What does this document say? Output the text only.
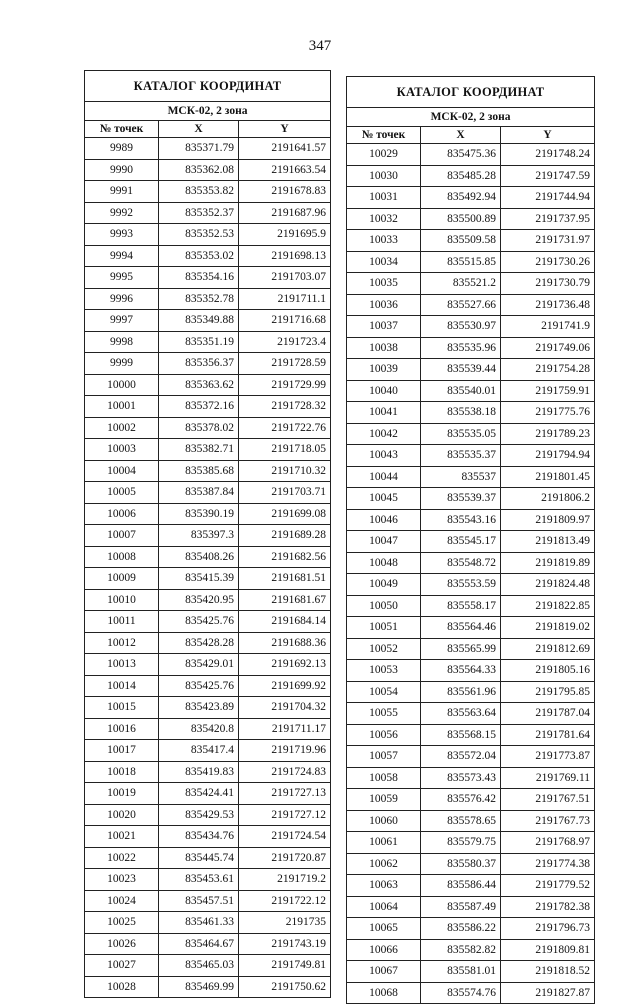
347
КАТАЛОГ КООРДИНАТ		
МСК-02, 2 зона		
№ точек	X	Y
9989	835371.79	2191641.57
9990	835362.08	2191663.54
9991	835353.82	2191678.83
9992	835352.37	2191687.96
9993	835352.53	2191695.9
9994	835353.02	2191698.13
9995	835354.16	2191703.07
9996	835352.78	2191711.1
9997	835349.88	2191716.68
9998	835351.19	2191723.4
9999	835356.37	2191728.59
10000	835363.62	2191729.99
10001	835372.16	2191728.32
10002	835378.02	2191722.76
10003	835382.71	2191718.05
10004	835385.68	2191710.32
10005	835387.84	2191703.71
10006	835390.19	2191699.08
10007	835397.3	2191689.28
10008	835408.26	2191682.56
10009	835415.39	2191681.51
10010	835420.95	2191681.67
10011	835425.76	2191684.14
10012	835428.28	2191688.36
10013	835429.01	2191692.13
10014	835425.76	2191699.92
10015	835423.89	2191704.32
10016	835420.8	2191711.17
10017	835417.4	2191719.96
10018	835419.83	2191724.83
10019	835424.41	2191727.13
10020	835429.53	2191727.12
10021	835434.76	2191724.54
10022	835445.74	2191720.87
10023	835453.61	2191719.2
10024	835457.51	2191722.12
10025	835461.33	2191735
10026	835464.67	2191743.19
10027	835465.03	2191749.81
10028	835469.99	2191750.62
КАТАЛОГ КООРДИНАТ		
МСК-02, 2 зона		
№ точек	X	Y
10029	835475.36	2191748.24
10030	835485.28	2191747.59
10031	835492.94	2191744.94
10032	835500.89	2191737.95
10033	835509.58	2191731.97
10034	835515.85	2191730.26
10035	835521.2	2191730.79
10036	835527.66	2191736.48
10037	835530.97	2191741.9
10038	835535.96	2191749.06
10039	835539.44	2191754.28
10040	835540.01	2191759.91
10041	835538.18	2191775.76
10042	835535.05	2191789.23
10043	835535.37	2191794.94
10044	835537	2191801.45
10045	835539.37	2191806.2
10046	835543.16	2191809.97
10047	835545.17	2191813.49
10048	835548.72	2191819.89
10049	835553.59	2191824.48
10050	835558.17	2191822.85
10051	835564.46	2191819.02
10052	835565.99	2191812.69
10053	835564.33	2191805.16
10054	835561.96	2191795.85
10055	835563.64	2191787.04
10056	835568.15	2191781.64
10057	835572.04	2191773.87
10058	835573.43	2191769.11
10059	835576.42	2191767.51
10060	835578.65	2191767.73
10061	835579.75	2191768.97
10062	835580.37	2191774.38
10063	835586.44	2191779.52
10064	835587.49	2191782.38
10065	835586.22	2191796.73
10066	835582.82	2191809.81
10067	835581.01	2191818.52
10068	835574.76	2191827.87
